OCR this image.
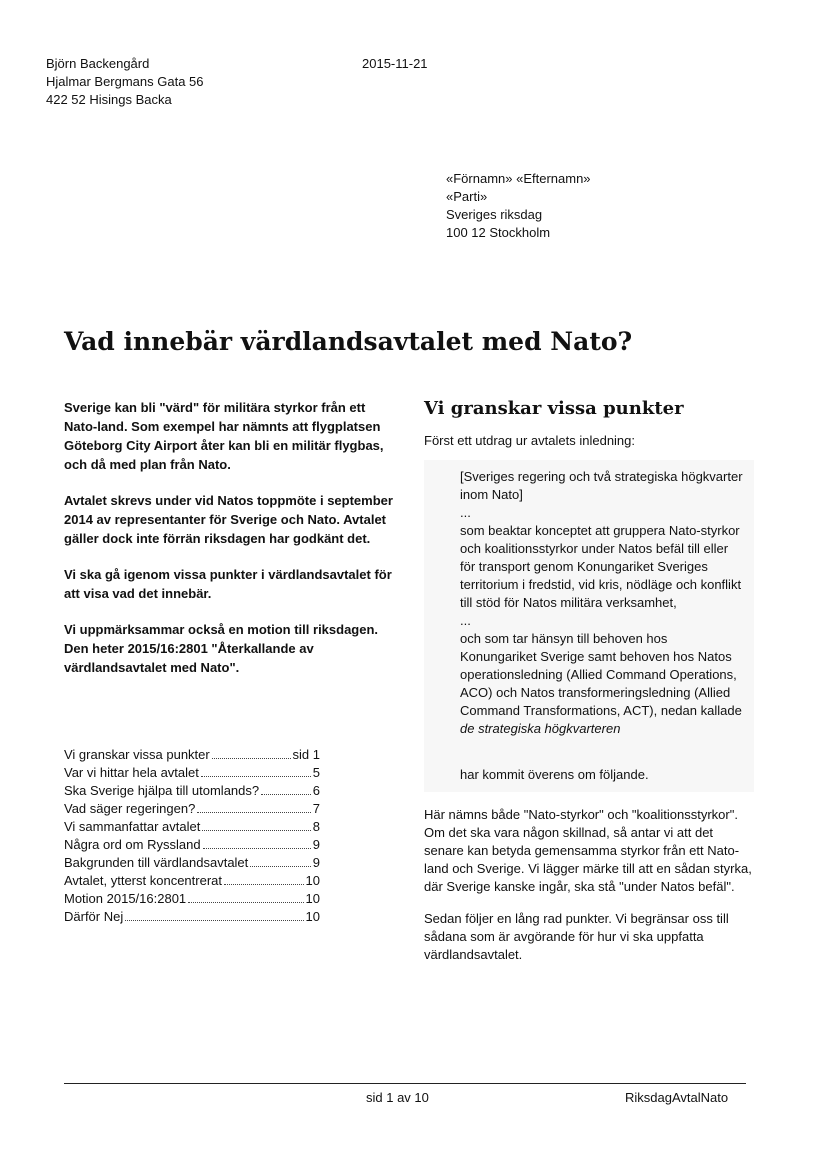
Björn Backengård
Hjalmar Bergmans Gata 56
422 52 Hisings Backa
2015-11-21
«Förnamn» «Efternamn»
«Parti»
Sveriges riksdag
100 12 Stockholm
Vad innebär värdlandsavtalet med Nato?

Sverige kan bli "värd" för militära styrkor från ett Nato-land. Som exempel har nämnts att flygplatsen Göteborg City Airport åter kan bli en militär flygbas, och då med plan från Nato.

Avtalet skrevs under vid Natos toppmöte i september 2014 av representanter för Sverige och Nato. Avtalet gäller dock inte förrän riksdagen har godkänt det.

Vi ska gå igenom vissa punkter i värdlandsavtalet för att visa vad det innebär.

Vi uppmärksammar också en motion till riksdagen. Den heter 2015/16:2801 "Återkallande av värdlandsavtalet med Nato".

Vi granskar vissa punkter	sid 1
Var vi hittar hela avtalet	5
Ska Sverige hjälpa till utomlands?	6
Vad säger regeringen?	7
Vi sammanfattar avtalet	8
Några ord om Ryssland	9
Bakgrunden till värdlandsavtalet	9
Avtalet, ytterst koncentrerat	10
Motion 2015/16:2801	10
Därför Nej	10
Vi granskar vissa punkter

Först ett utdrag ur avtalets inledning:

[Sveriges regering och två strategiska högkvarter inom Nato]

...

som beaktar konceptet att gruppera Nato-styrkor och koalitionsstyrkor under Natos befäl till eller för transport genom Konungariket Sveriges territorium i fredstid, vid kris, nödläge och konflikt till stöd för Natos militära verksamhet,

...

och som tar hänsyn till behoven hos Konungariket Sverige samt behoven hos Natos operationsledning (Allied Command Operations, ACO) och Natos transformeringsledning (Allied Command Transformations, ACT), nedan kallade de strategiska högkvarteren

har kommit överens om följande.

Här nämns både "Nato-styrkor" och "koalitionsstyrkor". Om det ska vara någon skillnad, så antar vi att det senare kan betyda gemensamma styrkor från ett Nato-land och Sverige. Vi lägger märke till att en sådan styrka, där Sverige kanske ingår, ska stå "under Natos befäl".

Sedan följer en lång rad punkter. Vi begränsar oss till sådana som är avgörande för hur vi ska uppfatta värdlandsavtalet.

sid 1 av 10	RiksdagAvtalNato
